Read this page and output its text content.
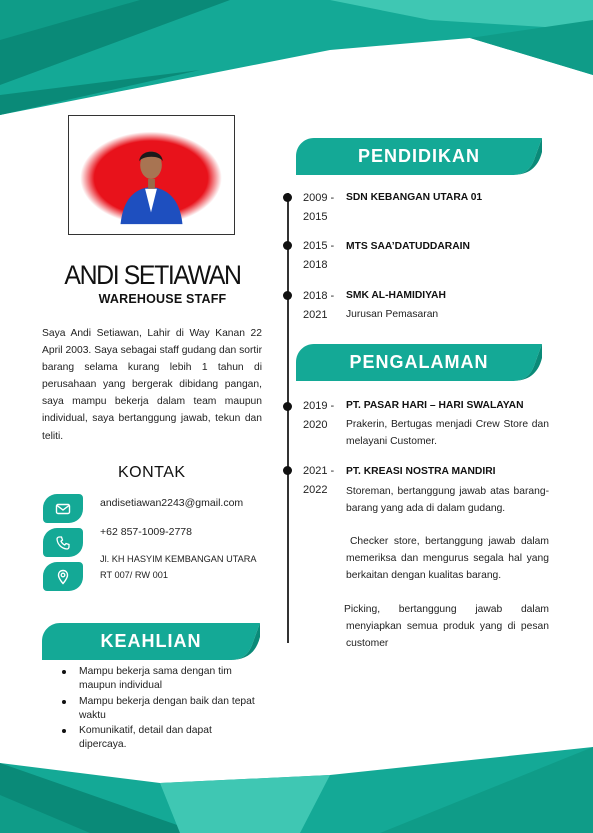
ANDI SETIAWAN
WAREHOUSE STAFF

Saya Andi Setiawan, Lahir di Way Kanan 22 April 2003. Saya sebagai staff gudang dan sortir barang selama kurang lebih 1 tahun di perusahaan yang bergerak dibidang pangan, saya mampu bekerja dalam team maupun individual, saya bertanggung jawab, tekun dan teliti.

KONTAK
andisetiawan2243@gmail.com
+62 857-1009-2778
Jl. KH HASYIM KEMBANGAN UTARA
RT 007/ RW 001
KEAHLIAN
Mampu bekerja sama dengan tim maupun individual
Mampu bekerja dengan baik dan tepat waktu
Komunikatif, detail dan dapat dipercaya.
PENDIDIKAN
2009 -
2015
SDN KEBANGAN UTARA 01
2015 -
2018
MTS SAA’DATUDDARAIN
2018 -
2021
SMK AL-HAMIDIYAH
Jurusan Pemasaran
PENGALAMAN
2019 -
2020
PT. PASAR HARI – HARI SWALAYAN
Prakerin, Bertugas menjadi Crew Store dan melayani Customer.
2021 -
2022
PT. KREASI NOSTRA MANDIRI
Storeman, bertanggung jawab atas barang-barang yang ada di dalam gudang.
Checker store, bertanggung jawab dalam memeriksa dan mengurus segala hal yang berkaitan dengan kualitas barang.
Picking, bertanggung jawab dalam menyiapkan semua produk yang di pesan customer
